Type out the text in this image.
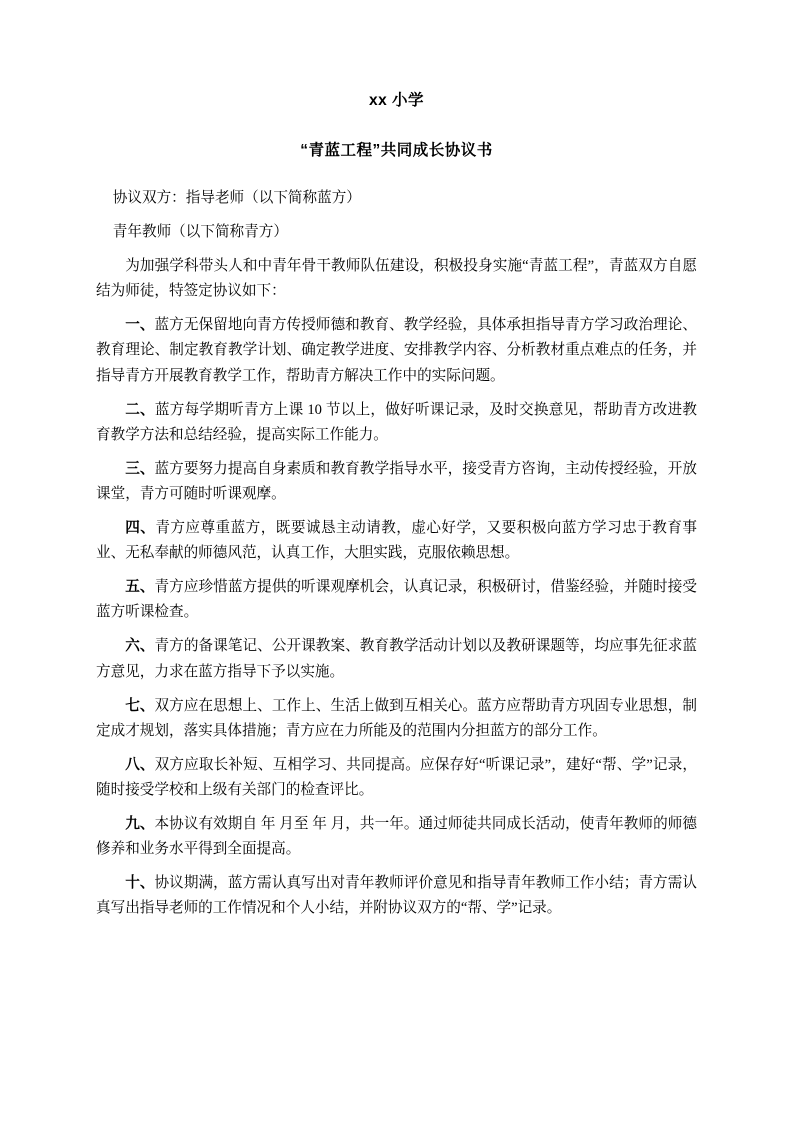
xx 小学
“青蓝工程”共同成长协议书

协议双方：指导老师（以下简称蓝方）

青年教师（以下简称青方）

为加强学科带头人和中青年骨干教师队伍建设，积极投身实施“青蓝工程”，青蓝双方自愿结为师徒，特签定协议如下：

一、蓝方无保留地向青方传授师德和教育、教学经验，具体承担指导青方学习政治理论、教育理论、制定教育教学计划、确定教学进度、安排教学内容、分析教材重点难点的任务，并指导青方开展教育教学工作，帮助青方解决工作中的实际问题。

二、蓝方每学期听青方上课 10 节以上，做好听课记录，及时交换意见，帮助青方改进教育教学方法和总结经验，提高实际工作能力。

三、蓝方要努力提高自身素质和教育教学指导水平，接受青方咨询，主动传授经验，开放课堂，青方可随时听课观摩。

四、青方应尊重蓝方，既要诚恳主动请教，虚心好学，又要积极向蓝方学习忠于教育事业、无私奉献的师德风范，认真工作，大胆实践，克服依赖思想。

五、青方应珍惜蓝方提供的听课观摩机会，认真记录，积极研讨，借鉴经验，并随时接受蓝方听课检查。

六、青方的备课笔记、公开课教案、教育教学活动计划以及教研课题等，均应事先征求蓝方意见，力求在蓝方指导下予以实施。

七、双方应在思想上、工作上、生活上做到互相关心。蓝方应帮助青方巩固专业思想，制定成才规划，落实具体措施；青方应在力所能及的范围内分担蓝方的部分工作。

八、双方应取长补短、互相学习、共同提高。应保存好“听课记录”，建好“帮、学”记录，随时接受学校和上级有关部门的检查评比。

九、本协议有效期自 年 月至 年 月，共一年。通过师徒共同成长活动，使青年教师的师德修养和业务水平得到全面提高。

十、协议期满，蓝方需认真写出对青年教师评价意见和指导青年教师工作小结；青方需认真写出指导老师的工作情况和个人小结，并附协议双方的“帮、学”记录。
